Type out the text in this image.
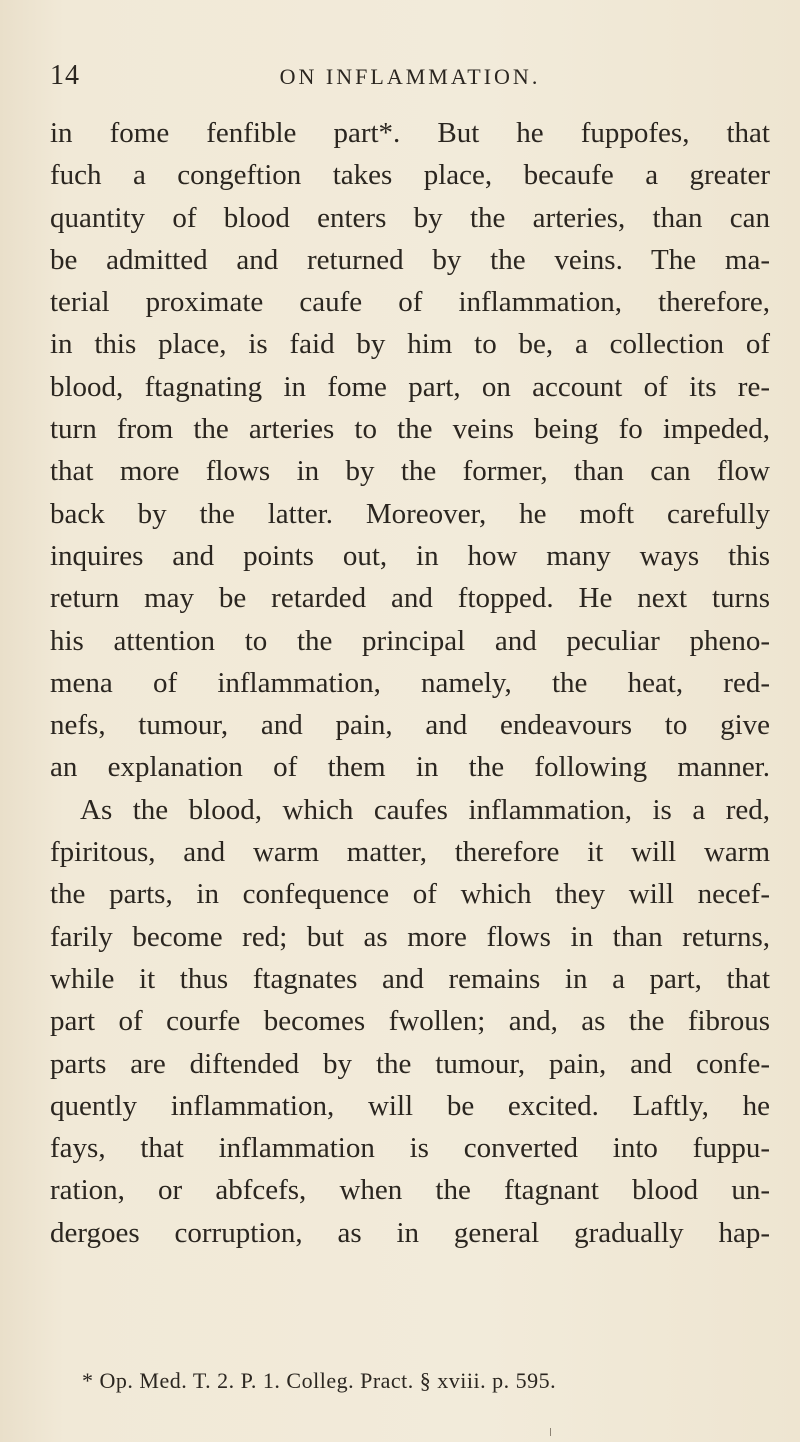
14	ON INFLAMMATION.
in fome fenfible part*. But he fuppofes, that
fuch a congeftion takes place, becaufe a greater
quantity of blood enters by the arteries, than can
be admitted and returned by the veins. The ma-
terial proximate caufe of inflammation, therefore,
in this place, is faid by him to be, a collection of
blood, ftagnating in fome part, on account of its re-
turn from the arteries to the veins being fo impeded,
that more flows in by the former, than can flow
back by the latter. Moreover, he moft carefully
inquires and points out, in how many ways this
return may be retarded and ftopped. He next turns
his attention to the principal and peculiar pheno-
mena of inflammation, namely, the heat, red-
nefs, tumour, and pain, and endeavours to give
an explanation of them in the following manner.
As the blood, which caufes inflammation, is a red,
fpiritous, and warm matter, therefore it will warm
the parts, in confequence of which they will necef-
farily become red; but as more flows in than returns,
while it thus ftagnates and remains in a part, that
part of courfe becomes fwollen; and, as the fibrous
parts are diftended by the tumour, pain, and confe-
quently inflammation, will be excited. Laftly, he
fays, that inflammation is converted into fuppu-
ration, or abfcefs, when the ftagnant blood un-
dergoes corruption, as in general gradually hap-
* Op. Med. T. 2. P. 1. Colleg. Pract. § xviii. p. 595.
